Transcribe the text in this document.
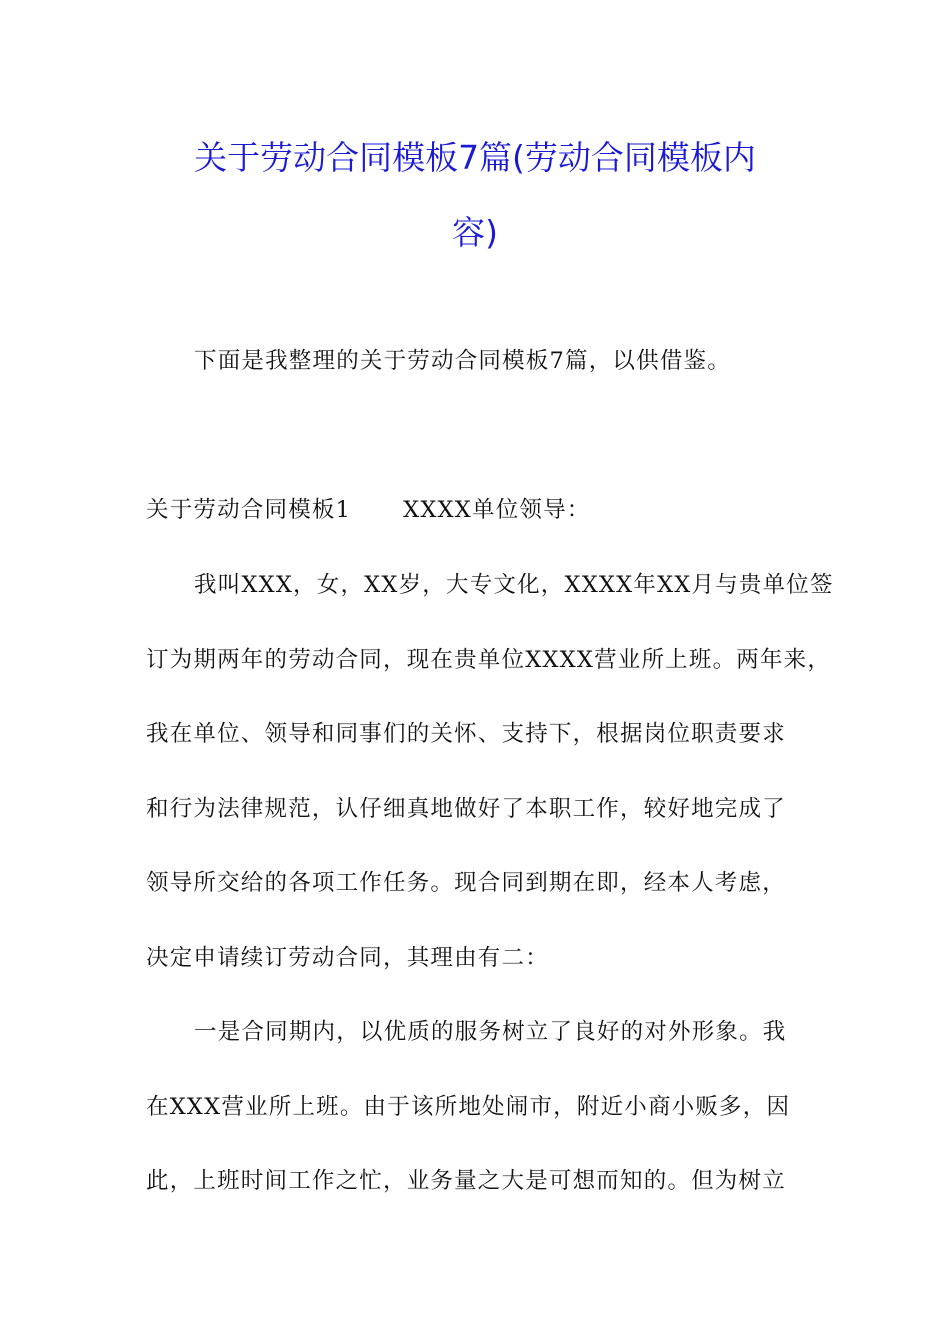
关于劳动合同模板7篇(劳动合同模板内
容)
下面是我整理的关于劳动合同模板7篇，以供借鉴。
关于劳动合同模板1 XXXX单位领导：
我叫XXX，女，XX岁，大专文化，XXXX年XX月与贵单位签
订为期两年的劳动合同，现在贵单位XXXX营业所上班。两年来，
我在单位、领导和同事们的关怀、支持下，根据岗位职责要求
和行为法律规范，认仔细真地做好了本职工作，较好地完成了
领导所交给的各项工作任务。现合同到期在即，经本人考虑，
决定申请续订劳动合同，其理由有二：
一是合同期内，以优质的服务树立了良好的对外形象。我
在XXX营业所上班。由于该所地处闹市，附近小商小贩多，因
此，上班时间工作之忙，业务量之大是可想而知的。但为树立
